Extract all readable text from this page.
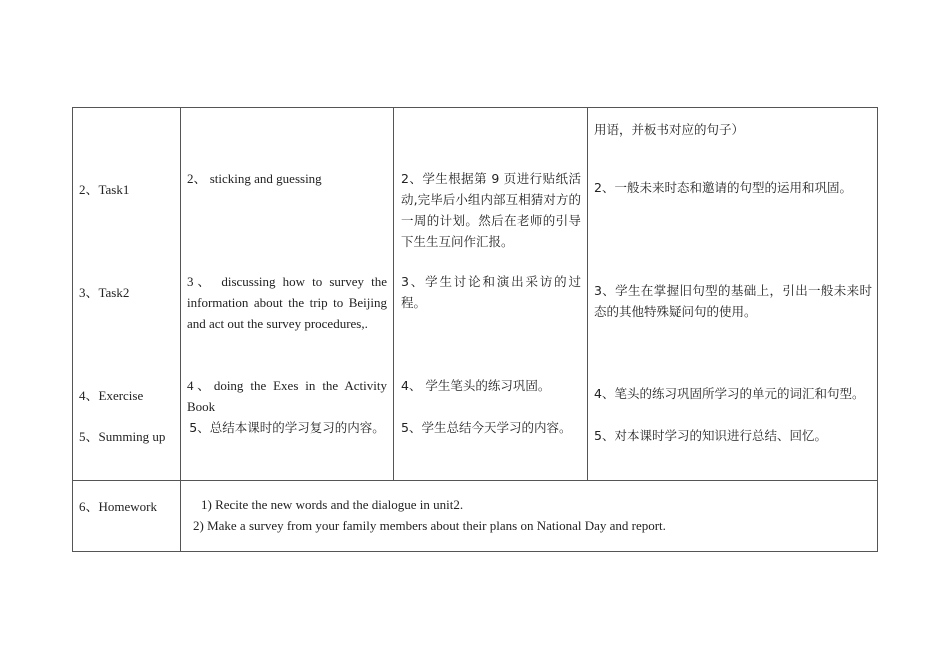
2、Task1
2、 sticking and guessing	2、学生根据第 9 页进行贴纸活动,完毕后小组内部互相猜对方的一周的计划。然后在老师的引导下生生互问作汇报。
用语，并板书对应的句子）
2、一般未来时态和邀请的句型的运用和巩固。
3、Task2
3、 discussing how to survey the information about the trip to Beijing and act out the survey procedures,.
3、学生讨论和演出采访的过程。
3、学生在掌握旧句型的基础上，引出一般未来时态的其他特殊疑问句的使用。
4、Exercise
5、Summing up
4、doing the Exes in the Activity Book
5、总结本课时的学习复习的内容。
4、 学生笔头的练习巩固。
5、学生总结今天学习的内容。
4、笔头的练习巩固所学习的单元的词汇和句型。
5、对本课时学习的知识进行总结、回忆。
6、Homework	1) Recite the new words and the dialogue in unit2.
2) Make a survey from your family members about their plans on National Day and report.
